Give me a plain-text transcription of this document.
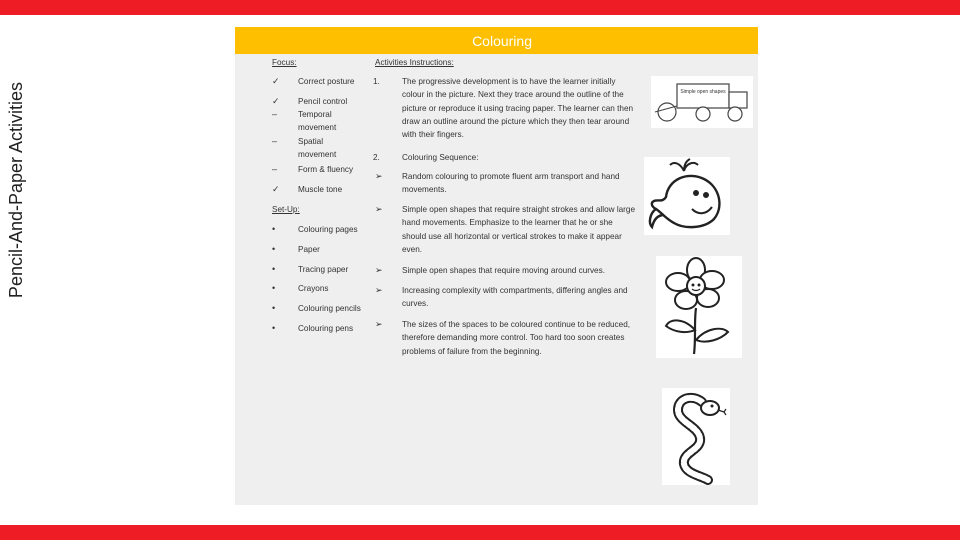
Colouring
Pencil-And-Paper Activities
Focus:
✓ Correct posture
✓ Pencil control
–	Temporal movement
–	Spatial movement
–	Form & fluency
✓ Muscle tone
Set-Up:
•	Colouring pages
•	Paper
•	Tracing paper
•	Crayons
•	Colouring pencils
•	Colouring pens
Activities Instructions:
1.	The progressive development is to have the learner initially colour in the picture. Next they trace around the outline of the picture or reproduce it using tracing paper. The learner can then draw an outline around the picture which they then tear around with their fingers.
2.	Colouring Sequence:
➢ Random colouring to promote fluent arm transport and hand movements.
➢ Simple open shapes that require straight strokes and allow large hand movements. Emphasize to the learner that he or she should use all horizontal or vertical strokes to make it appear even.
➢ Simple open shapes that require moving around curves.
➢ Increasing complexity with compartments, differing angles and curves.
➢ The sizes of the spaces to be coloured continue to be reduced, therefore demanding more control. Too hard too soon creates problems of failure from the beginning.
Simple open shapes
